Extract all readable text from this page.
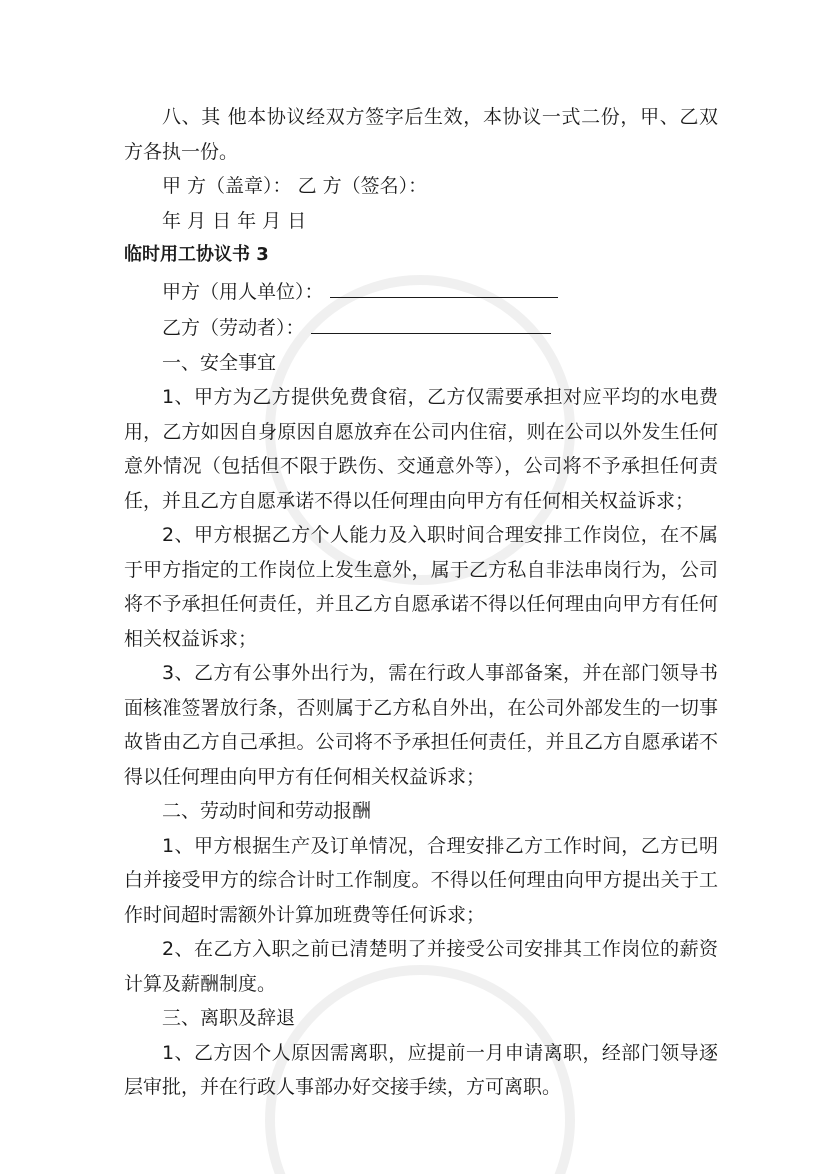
八、其 他本协议经双方签字后生效，本协议一式二份，甲、乙双方各执一份。

甲 方（盖章）： 乙 方（签名）：

年 月 日 年 月 日

临时用工协议书 3

甲方（用人单位）：

乙方（劳动者）：

一、安全事宜

1、甲方为乙方提供免费食宿，乙方仅需要承担对应平均的水电费用，乙方如因自身原因自愿放弃在公司内住宿，则在公司以外发生任何意外情况（包括但不限于跌伤、交通意外等），公司将不予承担任何责任，并且乙方自愿承诺不得以任何理由向甲方有任何相关权益诉求；

2、甲方根据乙方个人能力及入职时间合理安排工作岗位，在不属于甲方指定的工作岗位上发生意外，属于乙方私自非法串岗行为，公司将不予承担任何责任，并且乙方自愿承诺不得以任何理由向甲方有任何相关权益诉求；

3、乙方有公事外出行为，需在行政人事部备案，并在部门领导书面核准签署放行条，否则属于乙方私自外出，在公司外部发生的一切事故皆由乙方自己承担。公司将不予承担任何责任，并且乙方自愿承诺不得以任何理由向甲方有任何相关权益诉求；

二、劳动时间和劳动报酬

1、甲方根据生产及订单情况，合理安排乙方工作时间，乙方已明白并接受甲方的综合计时工作制度。不得以任何理由向甲方提出关于工作时间超时需额外计算加班费等任何诉求；

2、在乙方入职之前已清楚明了并接受公司安排其工作岗位的薪资计算及薪酬制度。

三、离职及辞退

1、乙方因个人原因需离职，应提前一月申请离职，经部门领导逐层审批，并在行政人事部办好交接手续，方可离职。
